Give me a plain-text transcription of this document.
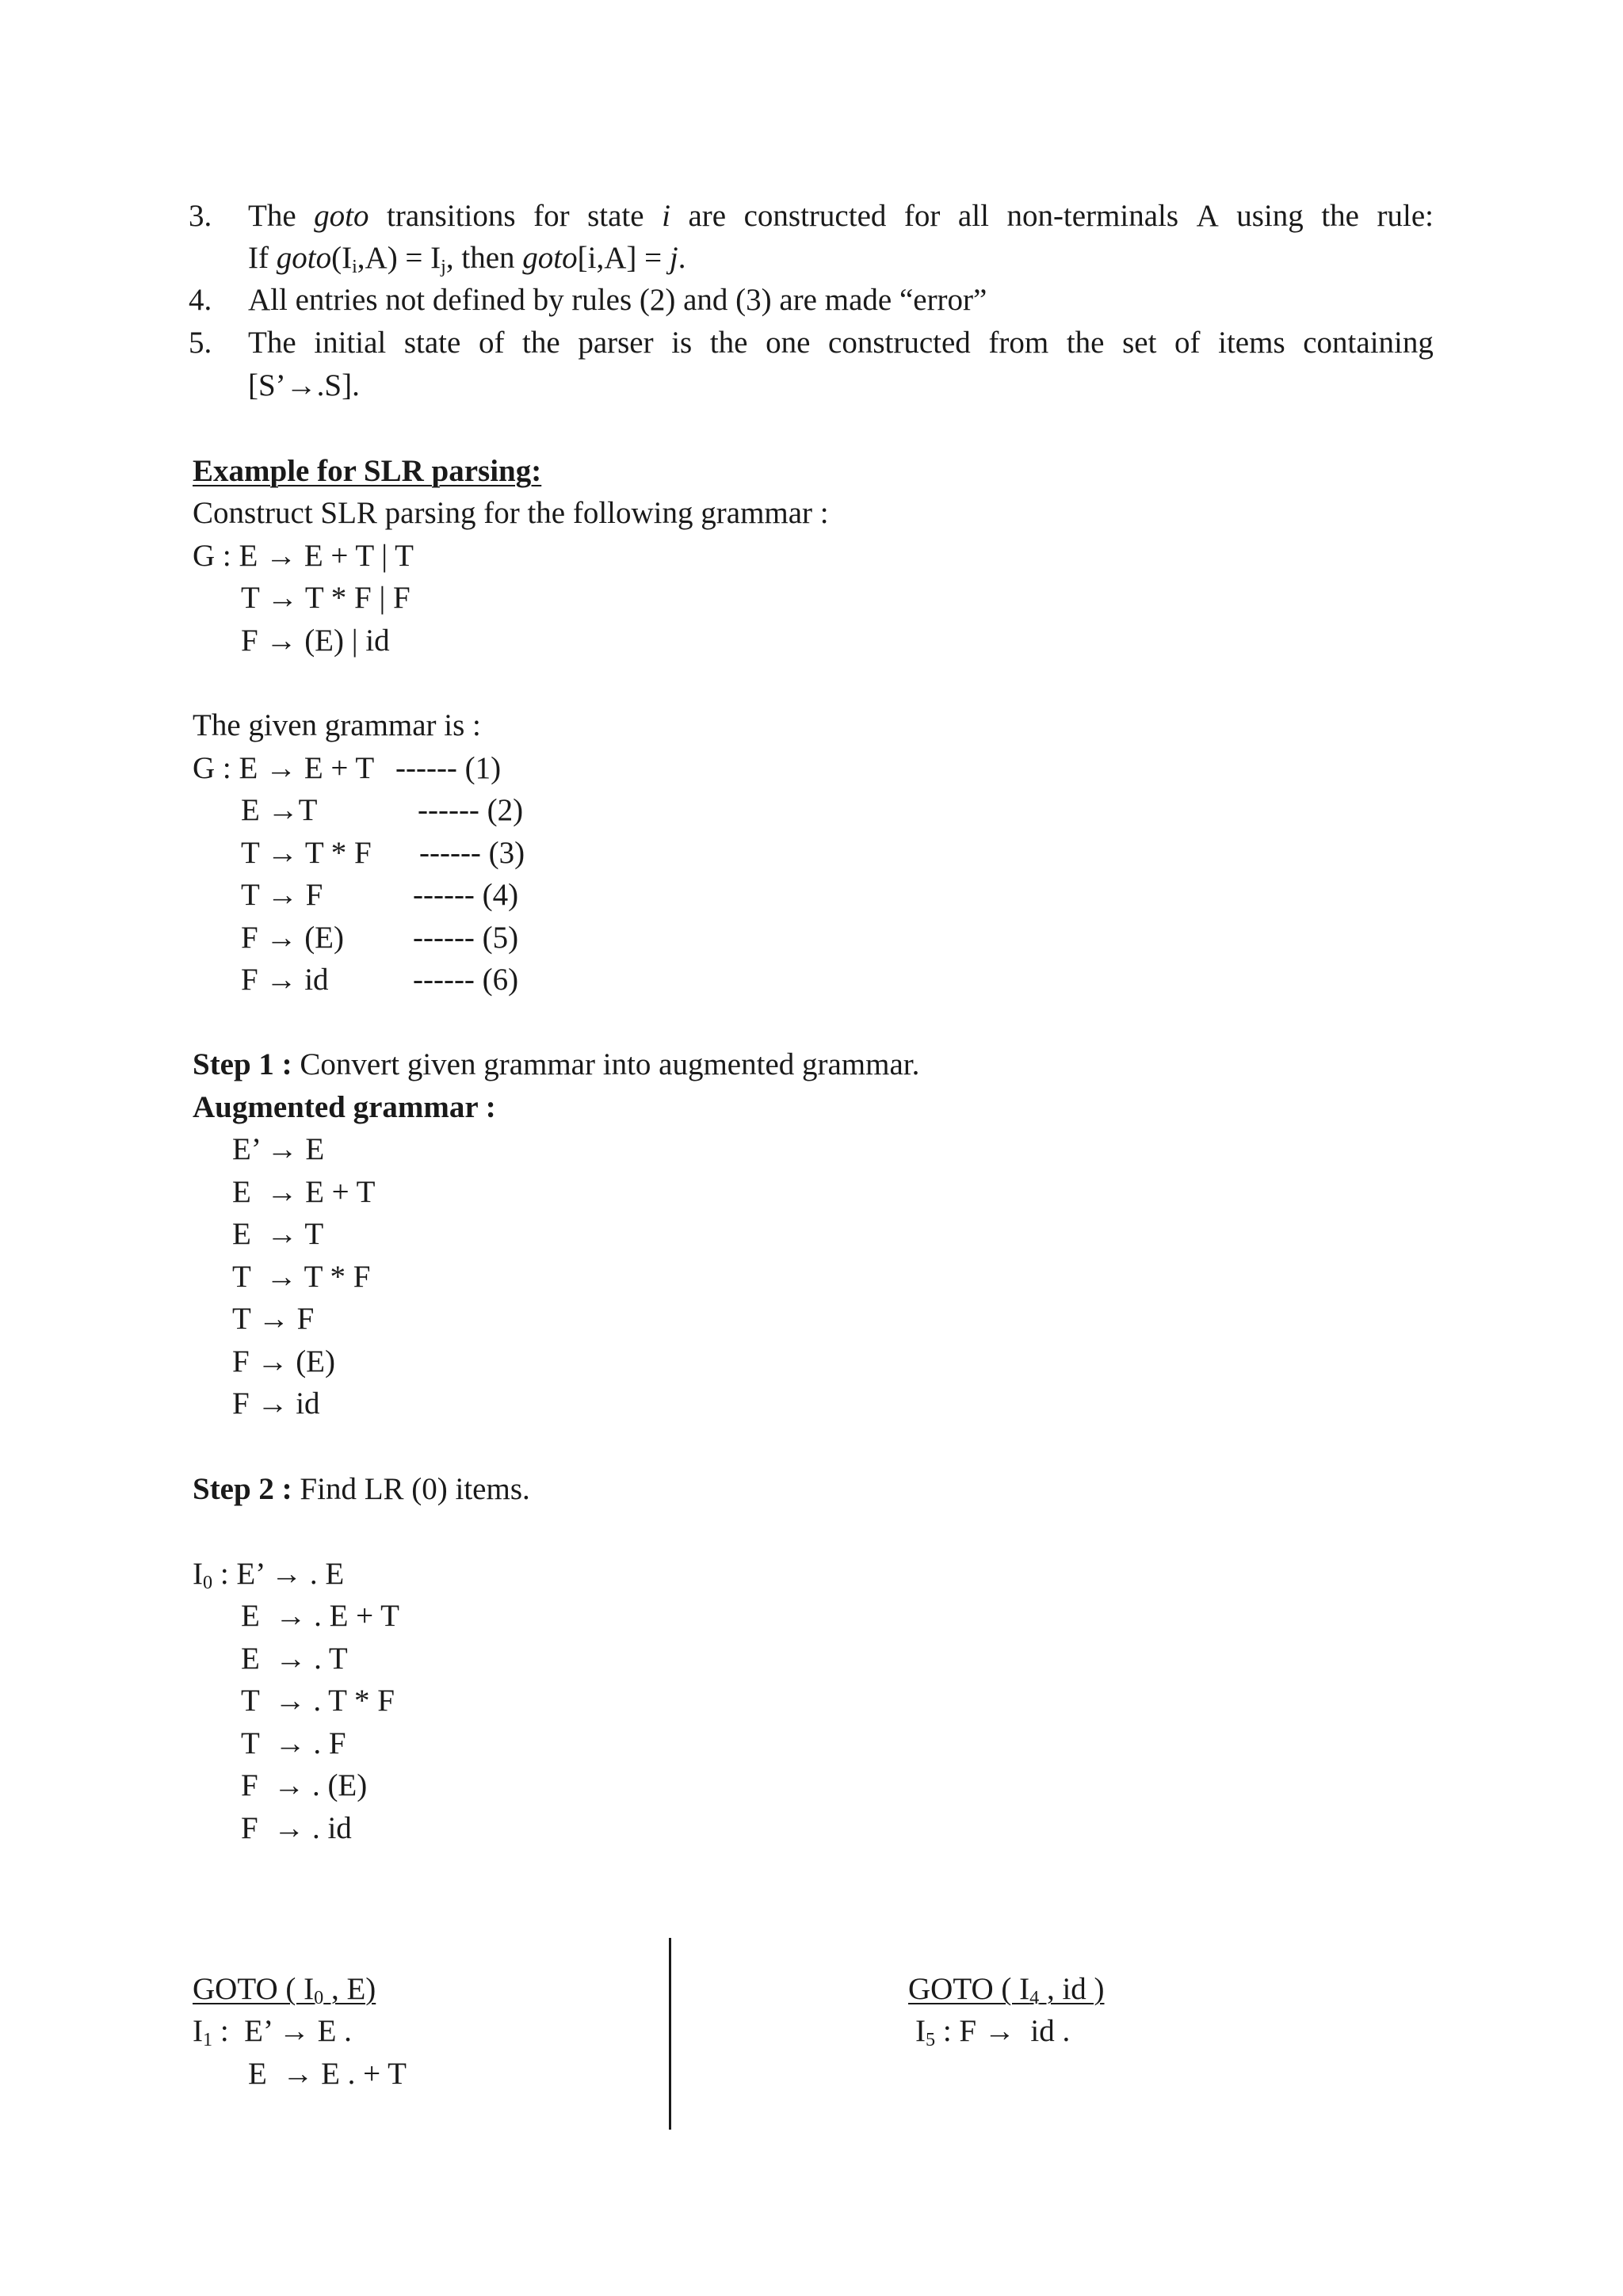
3. The goto transitions for state i are constructed for all non-terminals A using the rule:
If $goto(I_i,A) = I_j$, then goto[i,A] = j.
4. All entries not defined by rules (2) and (3) are made “error”
5. The initial state of the parser is the one constructed from the set of items containing
[S’→.S].
Example for SLR parsing:
Construct SLR parsing for the following grammar :
G : E → E + T | T
T → T * F | F
F → (E) | id
The given grammar is :
G : E → E + T ------ (1)
E →T	------ (2)
T → T * F ------ (3)
T → F	------ (4)
F → (E) ------ (5)
F → id	------ (6)
Step 1 : Convert given grammar into augmented grammar.
Augmented grammar :
E’ → E
E  → E + T
E  → T
T  → T * F
T → F
F → (E)
F → id
Step 2 : Find LR (0) items.
$I_0$ : E’ → . E
E  → . E + T
E  → . T
T  → . T * F
T  → . F
F  → . (E)
F  → . id
GOTO ( $I_0$ , E)
$I_1$ :  E’ → E .
E  → E . + T
GOTO ( $I_4$ , id )
$I_5$ : F →  id .
